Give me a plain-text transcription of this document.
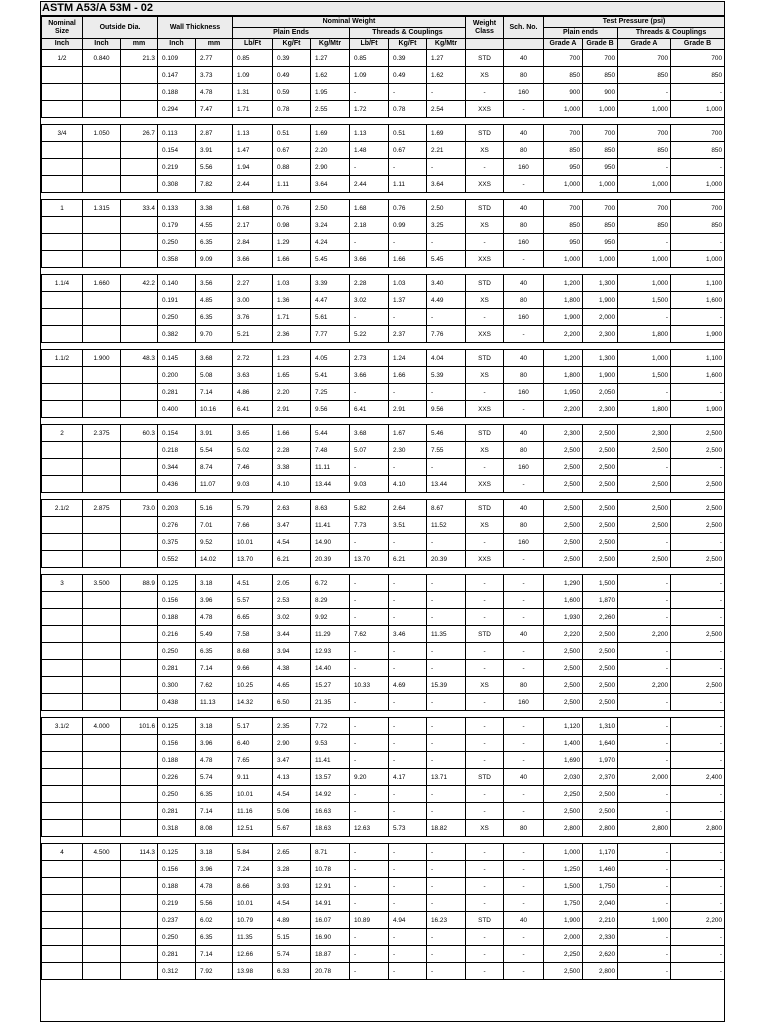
ASTM A53/A 53M - 02
Nominal Size	Outside Dia.		Wall Thickness		Nominal Weight						Weight Class	Sch. No.	Test Pressure (psi)			
					Plain Ends			Threads & Couplings					Plain ends		Threads & Couplings	
Inch	Inch	mm	Inch	mm	Lb/Ft	Kg/Ft	Kg/Mtr	Lb/Ft	Kg/Ft	Kg/Mtr			Grade A	Grade B	Grade A	Grade B
1/2	0.840	21.3	0.109	2.77	0.85	0.39	1.27	0.85	0.39	1.27	STD	40	700	700	700	700
			0.147	3.73	1.09	0.49	1.62	1.09	0.49	1.62	XS	80	850	850	850	850
			0.188	4.78	1.31	0.59	1.95	-	-	-	-	160	900	900	-	-
			0.294	7.47	1.71	0.78	2.55	1.72	0.78	2.54	XXS	-	1,000	1,000	1,000	1,000

3/4	1.050	26.7	0.113	2.87	1.13	0.51	1.69	1.13	0.51	1.69	STD	40	700	700	700	700
			0.154	3.91	1.47	0.67	2.20	1.48	0.67	2.21	XS	80	850	850	850	850
			0.219	5.56	1.94	0.88	2.90	-	-	-	-	160	950	950	-	-
			0.308	7.82	2.44	1.11	3.64	2.44	1.11	3.64	XXS	-	1,000	1,000	1,000	1,000

1	1.315	33.4	0.133	3.38	1.68	0.76	2.50	1.68	0.76	2.50	STD	40	700	700	700	700
			0.179	4.55	2.17	0.98	3.24	2.18	0.99	3.25	XS	80	850	850	850	850
			0.250	6.35	2.84	1.29	4.24	-	-	-	-	160	950	950	-	-
			0.358	9.09	3.66	1.66	5.45	3.66	1.66	5.45	XXS	-	1,000	1,000	1,000	1,000

1.1/4	1.660	42.2	0.140	3.56	2.27	1.03	3.39	2.28	1.03	3.40	STD	40	1,200	1,300	1,000	1,100
			0.191	4.85	3.00	1.36	4.47	3.02	1.37	4.49	XS	80	1,800	1,900	1,500	1,600
			0.250	6.35	3.76	1.71	5.61	-	-	-	-	160	1,900	2,000	-	-
			0.382	9.70	5.21	2.36	7.77	5.22	2.37	7.76	XXS	-	2,200	2,300	1,800	1,900

1.1/2	1.900	48.3	0.145	3.68	2.72	1.23	4.05	2.73	1.24	4.04	STD	40	1,200	1,300	1,000	1,100
			0.200	5.08	3.63	1.65	5.41	3.66	1.66	5.39	XS	80	1,800	1,900	1,500	1,600
			0.281	7.14	4.86	2.20	7.25	-	-	-	-	160	1,950	2,050	-	-
			0.400	10.16	6.41	2.91	9.56	6.41	2.91	9.56	XXS	-	2,200	2,300	1,800	1,900

2	2.375	60.3	0.154	3.91	3.65	1.66	5.44	3.68	1.67	5.46	STD	40	2,300	2,500	2,300	2,500
			0.218	5.54	5.02	2.28	7.48	5.07	2.30	7.55	XS	80	2,500	2,500	2,500	2,500
			0.344	8.74	7.46	3.38	11.11	-	-	-	-	160	2,500	2,500	-	-
			0.436	11.07	9.03	4.10	13.44	9.03	4.10	13.44	XXS	-	2,500	2,500	2,500	2,500

2.1/2	2.875	73.0	0.203	5.16	5.79	2.63	8.63	5.82	2.64	8.67	STD	40	2,500	2,500	2,500	2,500
			0.276	7.01	7.66	3.47	11.41	7.73	3.51	11.52	XS	80	2,500	2,500	2,500	2,500
			0.375	9.52	10.01	4.54	14.90	-	-	-	-	160	2,500	2,500	-	-
			0.552	14.02	13.70	6.21	20.39	13.70	6.21	20.39	XXS	-	2,500	2,500	2,500	2,500

3	3.500	88.9	0.125	3.18	4.51	2.05	6.72	-	-	-	-	-	1,290	1,500	-	-
			0.156	3.96	5.57	2.53	8.29	-	-	-	-	-	1,600	1,870	-	-
			0.188	4.78	6.65	3.02	9.92	-	-	-	-	-	1,930	2,260	-	-
			0.216	5.49	7.58	3.44	11.29	7.62	3.46	11.35	STD	40	2,220	2,500	2,200	2,500
			0.250	6.35	8.68	3.94	12.93	-	-	-	-	-	2,500	2,500	-	-
			0.281	7.14	9.66	4.38	14.40	-	-	-	-	-	2,500	2,500	-	-
			0.300	7.62	10.25	4.65	15.27	10.33	4.69	15.39	XS	80	2,500	2,500	2,200	2,500
			0.438	11.13	14.32	6.50	21.35	-	-	-	-	160	2,500	2,500	-	-

3.1/2	4.000	101.6	0.125	3.18	5.17	2.35	7.72	-	-	-	-	-	1,120	1,310	-	-
			0.156	3.96	6.40	2.90	9.53	-	-	-	-	-	1,400	1,640	-	-
			0.188	4.78	7.65	3.47	11.41	-	-	-	-	-	1,690	1,970	-	-
			0.226	5.74	9.11	4.13	13.57	9.20	4.17	13.71	STD	40	2,030	2,370	2,000	2,400
			0.250	6.35	10.01	4.54	14.92	-	-	-	-	-	2,250	2,500	-	-
			0.281	7.14	11.16	5.06	16.63	-	-	-	-	-	2,500	2,500	-	-
			0.318	8.08	12.51	5.67	18.63	12.63	5.73	18.82	XS	80	2,800	2,800	2,800	2,800

4	4.500	114.3	0.125	3.18	5.84	2.65	8.71	-	-	-	-	-	1,000	1,170	-	-
			0.156	3.96	7.24	3.28	10.78	-	-	-	-	-	1,250	1,460	-	-
			0.188	4.78	8.66	3.93	12.91	-	-	-	-	-	1,500	1,750	-	-
			0.219	5.56	10.01	4.54	14.91	-	-	-	-	-	1,750	2,040	-	-
			0.237	6.02	10.79	4.89	16.07	10.89	4.94	16.23	STD	40	1,900	2,210	1,900	2,200
			0.250	6.35	11.35	5.15	16.90	-	-	-	-	-	2,000	2,330	-	-
			0.281	7.14	12.66	5.74	18.87	-	-	-	-	-	2,250	2,620	-	-
			0.312	7.92	13.98	6.33	20.78	-	-	-	-	-	2,500	2,800	-	-
